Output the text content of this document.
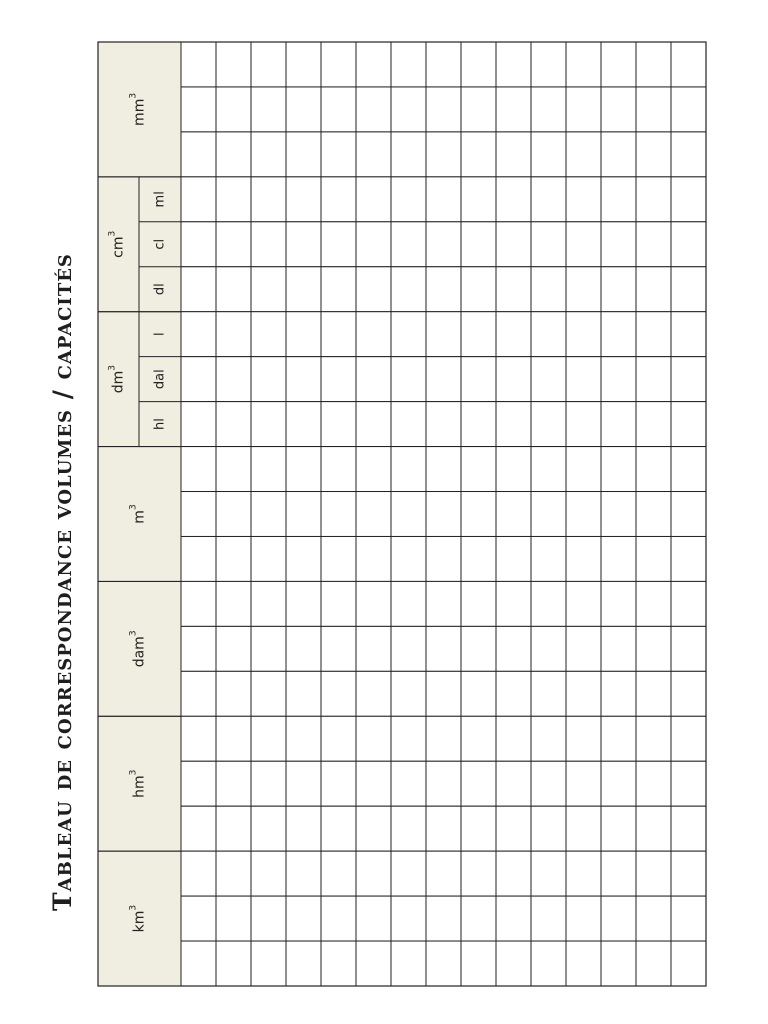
Tableau de correspondance volumes / capacités
$km^3$
$hm^3$
dam$^3$
$m^3$
hl
dal
l
$dm^3$
dl
cl
ml
$cm^3$
$mm^3$
